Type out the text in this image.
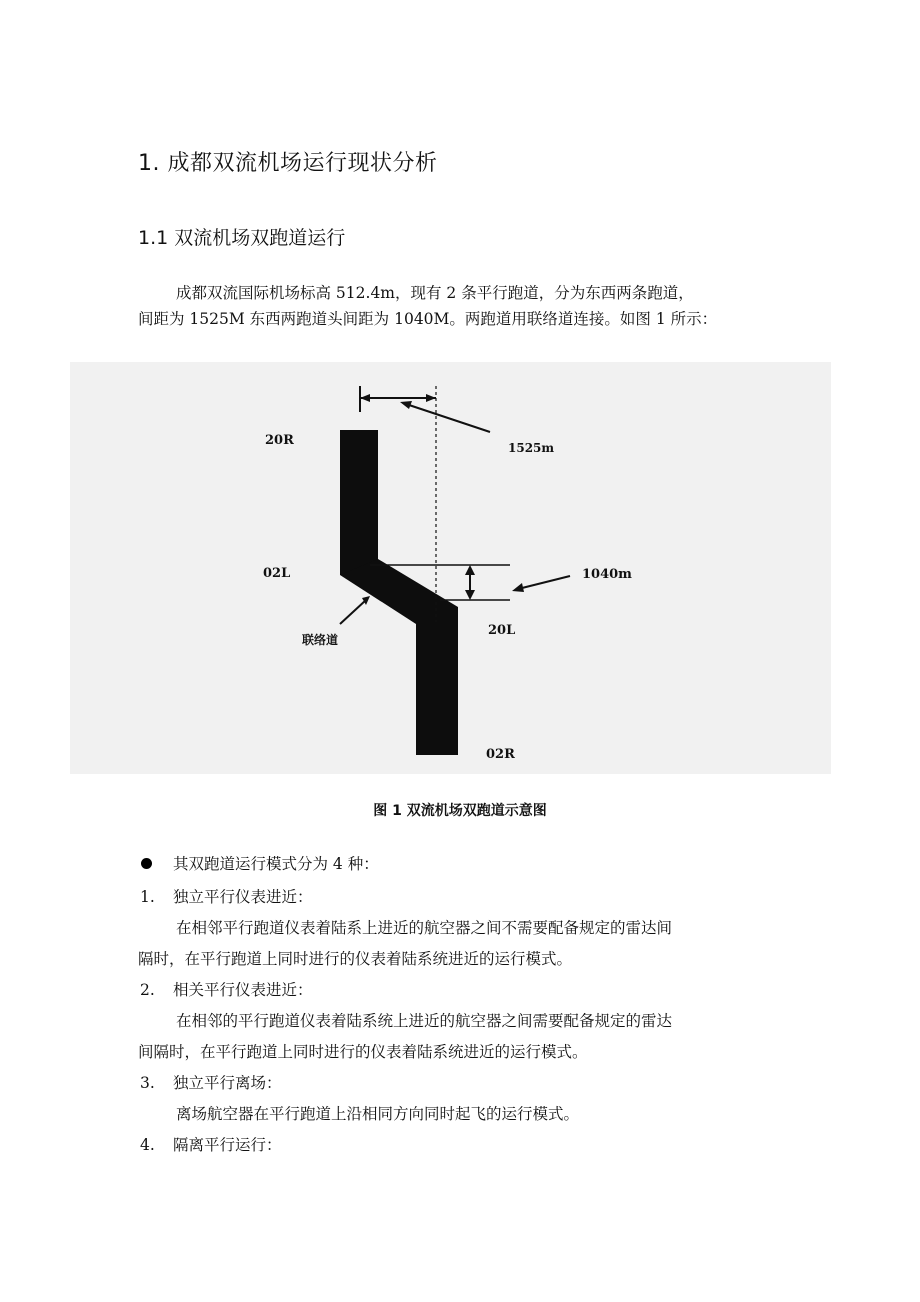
1. 成都双流机场运行现状分析
1.1 双流机场双跑道运行
成都双流国际机场标高 512.4m，现有 2 条平行跑道，分为东西两条跑道，
间距为 1525M 东西两跑道头间距为 1040M。两跑道用联络道连接。如图 1 所示：
20R	1525m
02L	1040m
20L
联络道
02R
图 1 双流机场双跑道示意图
其双跑道运行模式分为 4 种：
1. 独立平行仪表进近：
在相邻平行跑道仪表着陆系上进近的航空器之间不需要配备规定的雷达间
隔时，在平行跑道上同时进行的仪表着陆系统进近的运行模式。
2. 相关平行仪表进近：
在相邻的平行跑道仪表着陆系统上进近的航空器之间需要配备规定的雷达
间隔时，在平行跑道上同时进行的仪表着陆系统进近的运行模式。
3. 独立平行离场：
离场航空器在平行跑道上沿相同方向同时起飞的运行模式。
4. 隔离平行运行：
